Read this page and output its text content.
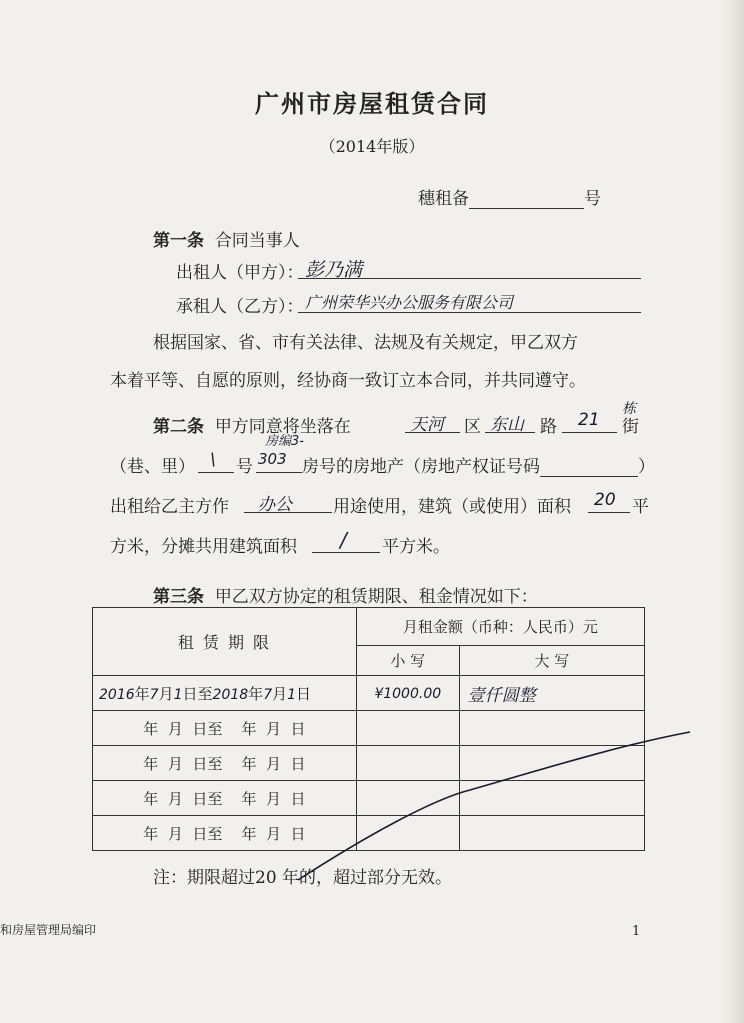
广州市房屋租赁合同
（2014年版）
穗租备	号
第一条 合同当事人
出租人（甲方）： 彭乃满
承租人（乙方）： 广州荣华兴办公服务有限公司
根据国家、省、市有关法律、法规及有关规定，甲乙双方
本着平等、自愿的原则，经协商一致订立本合同，并共同遵守。
第二条 甲方同意将坐落在	天河 区 东山 路 21 街
栋
（巷、里） \ 号 303
房编3-
房号的房地产（房地产权证号码	）
出租给乙主方作 办公 用途使用，建筑（或使用）面积 20 平
方米，分摊共用建筑面积 / 平方米。
第三条 甲乙双方协定的租赁期限、租金情况如下：
租 赁 期 限	月租金额（币种：人民币）元	
	小 写	大 写
2016年7月1日至2018年7月1日	¥1000.00	壹仟圆整
年  月  日至    年  月  日		
年  月  日至    年  月  日		
年  月  日至    年  月  日		
年  月  日至    年  月  日		
注：期限超过20 年的，超过部分无效。
和房屋管理局编印	1
